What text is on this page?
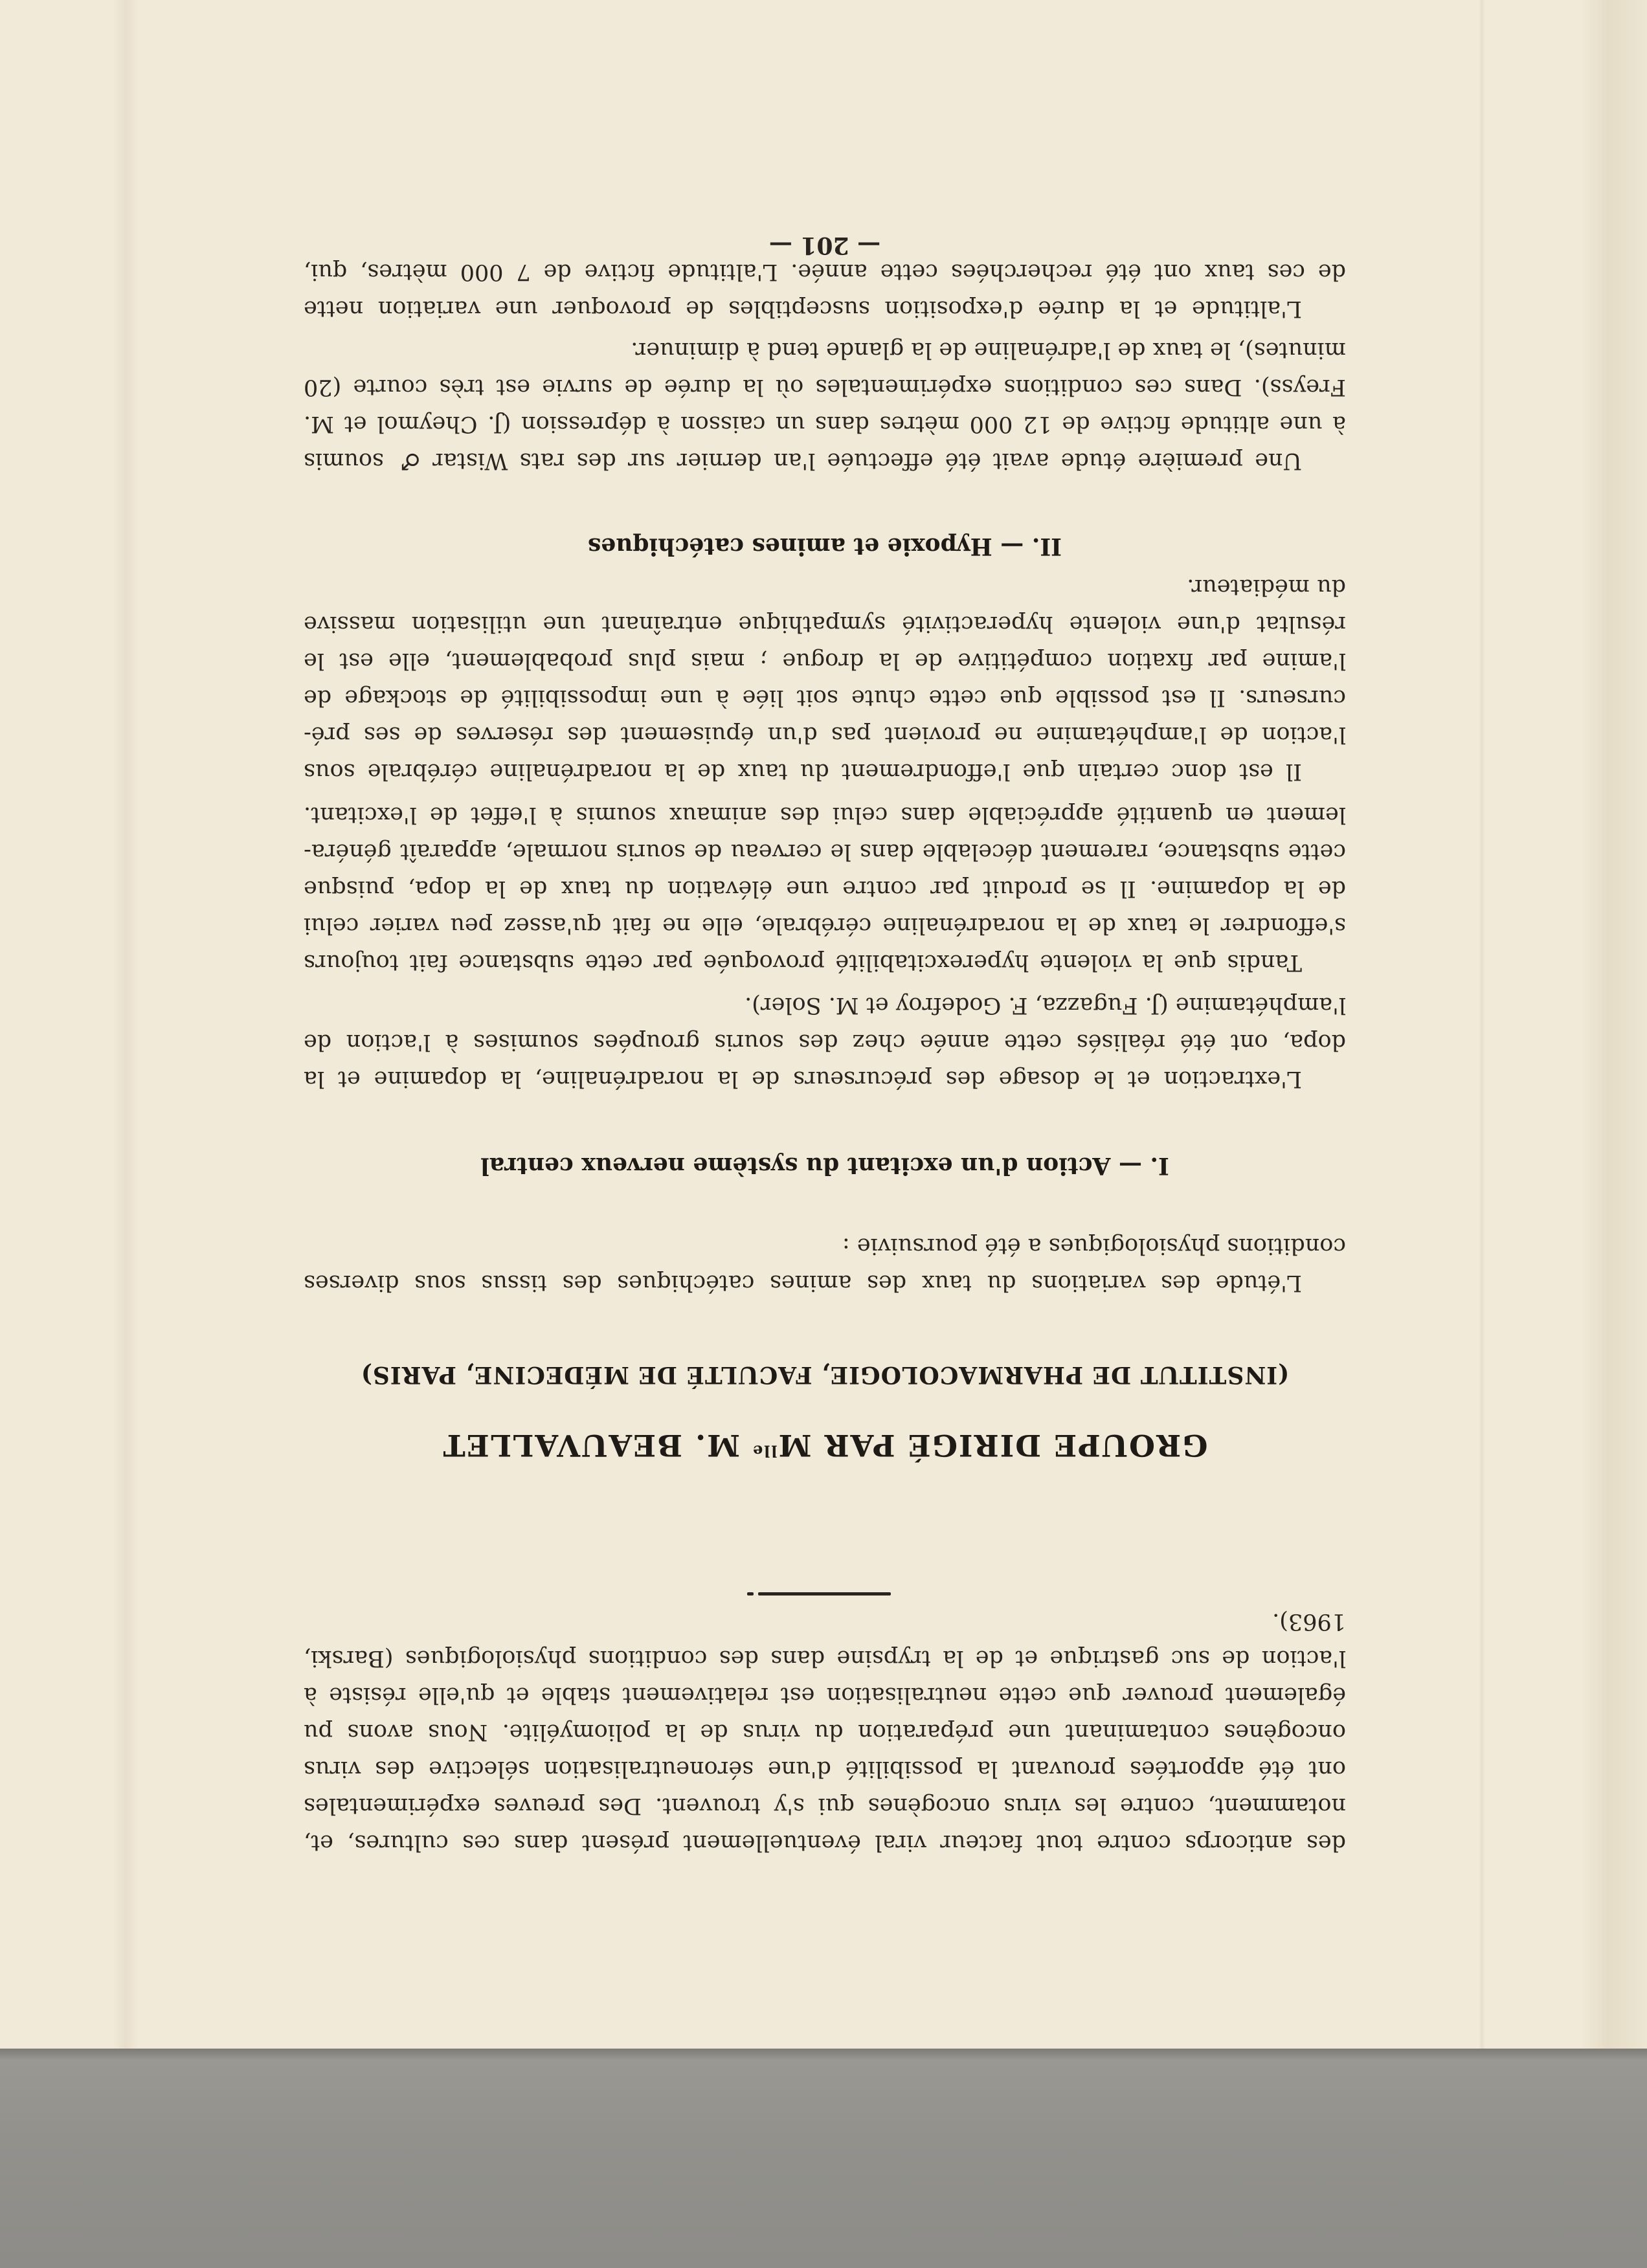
des anticorps contre tout facteur viral éventuellement présent dans ces cultures, et,
notamment, contre les virus oncogènes qui s'y trouvent. Des preuves expérimentales
ont été apportées prouvant la possibilité d'une séroneutralisation sélective des virus
oncogènes contaminant une préparation du virus de la poliomyélite. Nous avons pu
également prouver que cette neutralisation est relativement stable et qu'elle résiste à
l'action de suc gastrique et de la trypsine dans des conditions physiologiques (Barski,
1963).
GROUPE DIRIGÉ PAR $M^{lle}$ M. BEAUVALLET
(INSTITUT DE PHARMACOLOGIE, FACULTÉ DE MÉDECINE, PARIS)
L'étude des variations du taux des amines catéchiques des tissus sous diverses
conditions physiologiques a été poursuivie :
I. — Action d'un excitant du système nerveux central
L'extraction et le dosage des précurseurs de la noradrénaline, la dopamine et la
dopa, ont été réalisés cette année chez des souris groupées soumises à l'action de
l'amphétamine (J. Fugazza, F. Godefroy et M. Soler).
Tandis que la violente hyperexcitabilité provoquée par cette substance fait toujours
s'effondrer le taux de la noradrénaline cérébrale, elle ne fait qu'assez peu varier celui
de la dopamine. Il se produit par contre une élévation du taux de la dopa, puisque
cette substance, rarement décelable dans le cerveau de souris normale, apparaît généra-
lement en quantité appréciable dans celui des animaux soumis à l'effet de l'excitant.
Il est donc certain que l'effondrement du taux de la noradrénaline cérébrale sous
l'action de l'amphétamine ne provient pas d'un épuisement des réserves de ses pré-
curseurs. Il est possible que cette chute soit liée à une impossibilité de stockage de
l'amine par fixation compétitive de la drogue ; mais plus probablement, elle est le
résultat d'une violente hyperactivité sympathique entraînant une utilisation massive
du médiateur.
II. — Hypoxie et amines catéchiques
Une première étude avait été effectuée l'an dernier sur des rats Wistar ♂ soumis
à une altitude fictive de 12 000 mètres dans un caisson à dépression (J. Cheymol et M.
Freyss). Dans ces conditions expérimentales où la durée de survie est très courte (20
minutes), le taux de l'adrénaline de la glande tend à diminuer.
L'altitude et la durée d'exposition susceptibles de provoquer une variation nette
de ces taux ont été recherchées cette année. L'altitude fictive de 7 000 mètres, qui,
— 201 —
